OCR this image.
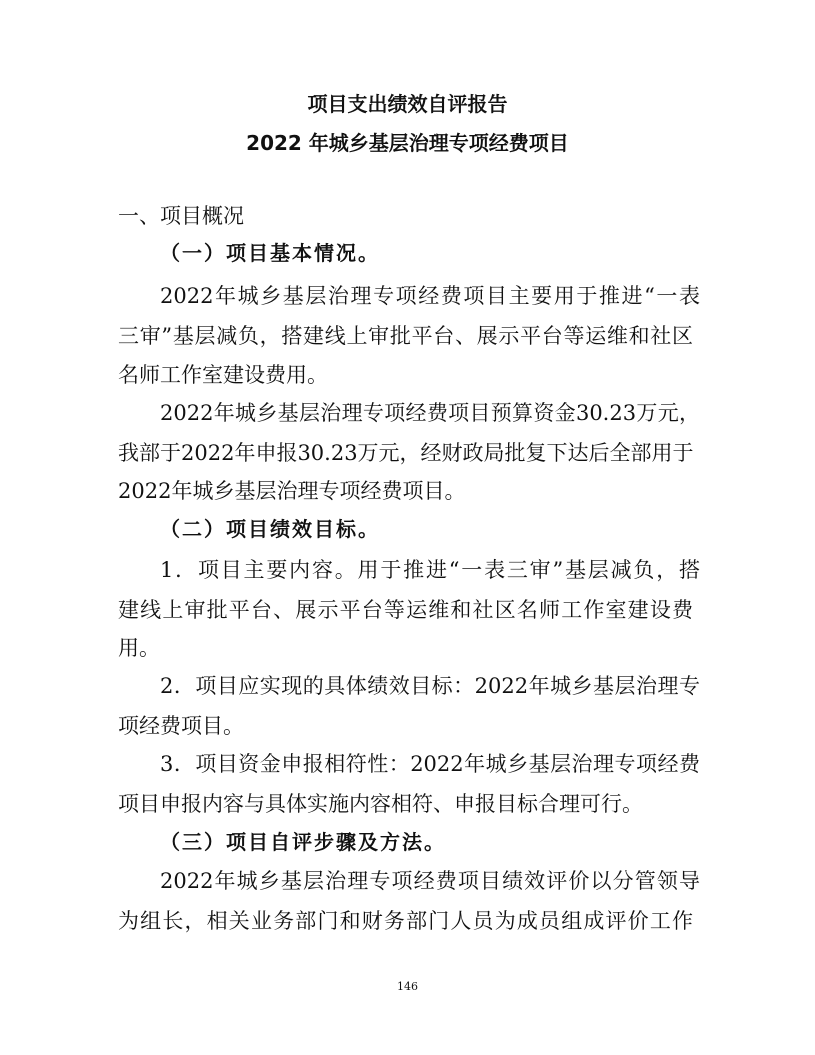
项目支出绩效自评报告
2022 年城乡基层治理专项经费项目
一、项目概况
（一）项目基本情况。
2022年城乡基层治理专项经费项目主要用于推进“一表
三审”基层减负，搭建线上审批平台、展示平台等运维和社区
名师工作室建设费用。
2022年城乡基层治理专项经费项目预算资金30.23万元，
我部于2022年申报30.23万元，经财政局批复下达后全部用于
2022年城乡基层治理专项经费项目。
（二）项目绩效目标。
1．项目主要内容。用于推进“一表三审”基层减负，搭
建线上审批平台、展示平台等运维和社区名师工作室建设费
用。
2．项目应实现的具体绩效目标：2022年城乡基层治理专
项经费项目。
3．项目资金申报相符性：2022年城乡基层治理专项经费
项目申报内容与具体实施内容相符、申报目标合理可行。
（三）项目自评步骤及方法。
2022年城乡基层治理专项经费项目绩效评价以分管领导
为组长，相关业务部门和财务部门人员为成员组成评价工作
146
